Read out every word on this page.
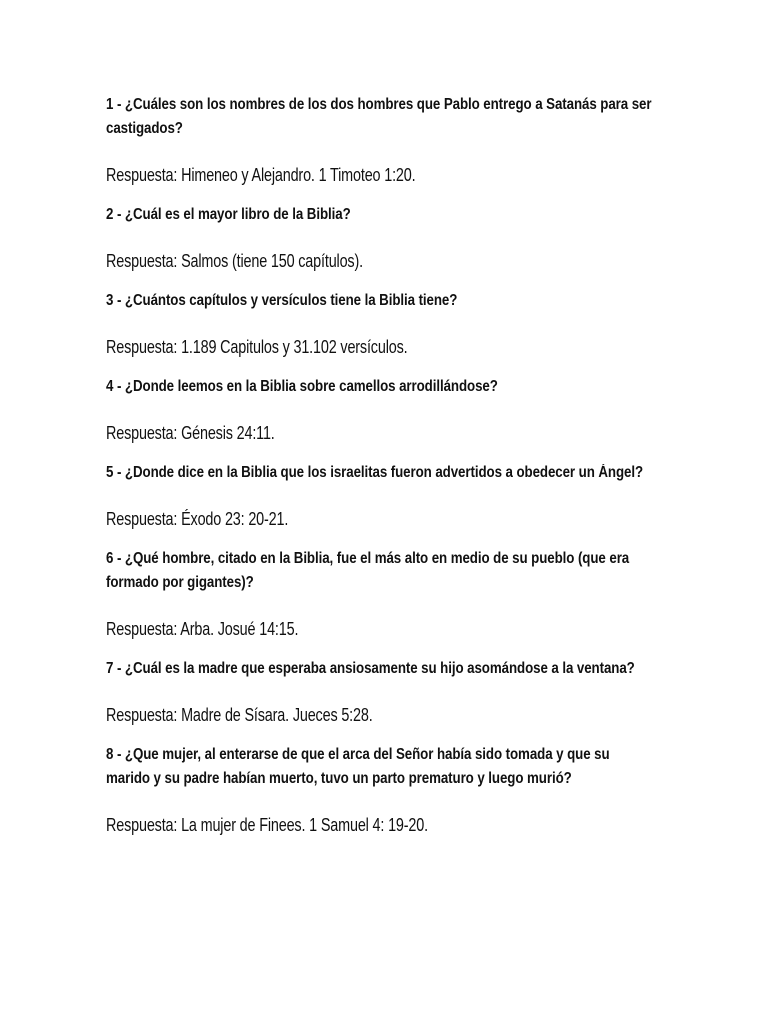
1 - ¿Cuáles son los nombres de los dos hombres que Pablo entrego a Satanás para ser castigados?

Respuesta: Himeneo y Alejandro. 1 Timoteo 1:20.

2 - ¿Cuál es el mayor libro de la Biblia?

Respuesta: Salmos (tiene 150 capítulos).

3 - ¿Cuántos capítulos y versículos tiene la Biblia tiene?

Respuesta: 1.189 Capitulos y 31.102 versículos.

4 - ¿Donde leemos en la Biblia sobre camellos arrodillándose?

Respuesta: Génesis 24:11.

5 - ¿Donde dice en la Biblia que los israelitas fueron advertidos a obedecer un Ángel?

Respuesta: Éxodo 23: 20-21.

6 - ¿Qué hombre, citado en la Biblia, fue el más alto en medio de su pueblo (que era formado por gigantes)?

Respuesta: Arba. Josué 14:15.

7 - ¿Cuál es la madre que esperaba ansiosamente su hijo asomándose a la ventana?

Respuesta: Madre de Sísara. Jueces 5:28.

8 - ¿Que mujer, al enterarse de que el arca del Señor había sido tomada y que su marido y su padre habían muerto, tuvo un parto prematuro y luego murió?

Respuesta: La mujer de Finees. 1 Samuel 4: 19-20.
